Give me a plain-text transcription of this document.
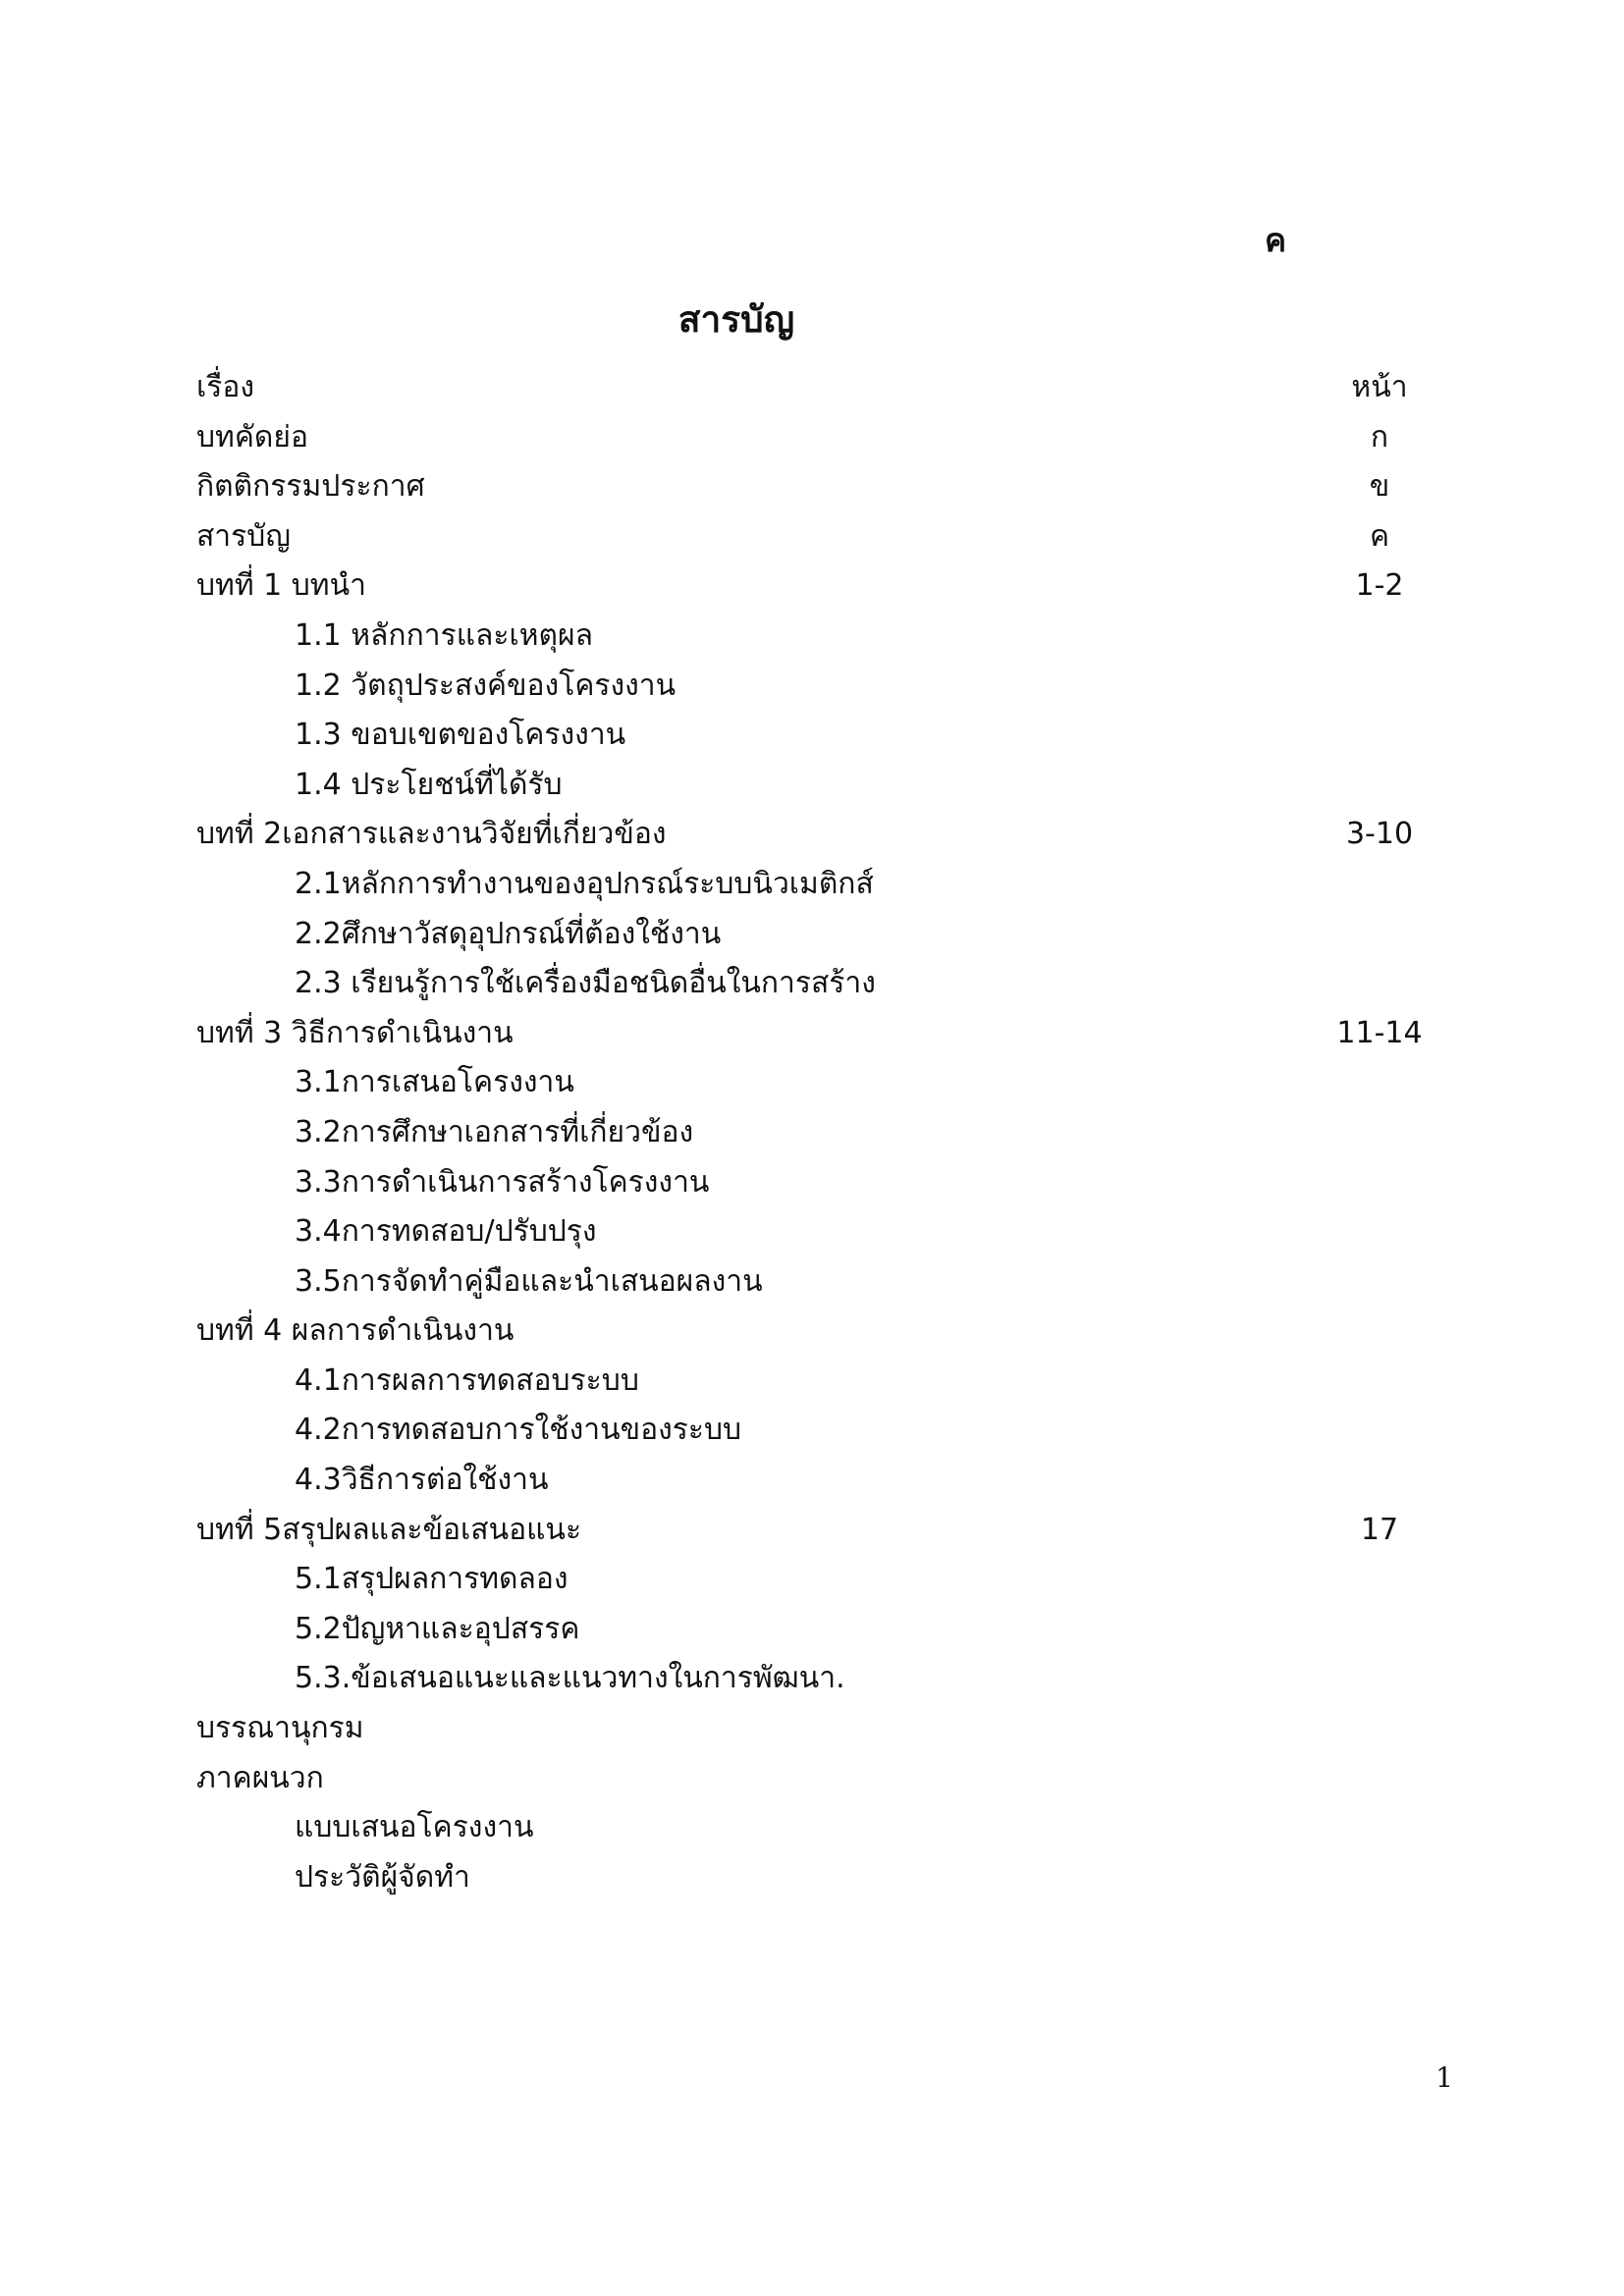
ค
สารบัญ
เรื่อง	หน้า
บทคัดย่อ	ก
กิตติกรรมประกาศ	ข
สารบัญ	ค
บทที่ 1 บทนำ	1-2
1.1 หลักการและเหตุผล
1.2 วัตถุประสงค์ของโครงงาน
1.3 ขอบเขตของโครงงาน
1.4 ประโยชน์ที่ได้รับ
บทที่ 2เอกสารและงานวิจัยที่เกี่ยวข้อง	3-10
2.1หลักการทำงานของอุปกรณ์ระบบนิวเมติกส์
2.2ศึกษาวัสดุอุปกรณ์ที่ต้องใช้งาน
2.3 เรียนรู้การใช้เครื่องมือชนิดอื่นในการสร้าง
บทที่ 3 วิธีการดำเนินงาน	11-14
3.1การเสนอโครงงาน
3.2การศึกษาเอกสารที่เกี่ยวข้อง
3.3การดำเนินการสร้างโครงงาน
3.4การทดสอบ/ปรับปรุง
3.5การจัดทำคู่มือและนำเสนอผลงาน
บทที่ 4 ผลการดำเนินงาน
4.1การผลการทดสอบระบบ
4.2การทดสอบการใช้งานของระบบ
4.3วิธีการต่อใช้งาน
บทที่ 5สรุปผลและข้อเสนอแนะ	17
5.1สรุปผลการทดลอง
5.2ปัญหาและอุปสรรค
5.3.ข้อเสนอแนะและแนวทางในการพัฒนา.
บรรณานุกรม
ภาคผนวก
แบบเสนอโครงงาน
ประวัติผู้จัดทำ
1
